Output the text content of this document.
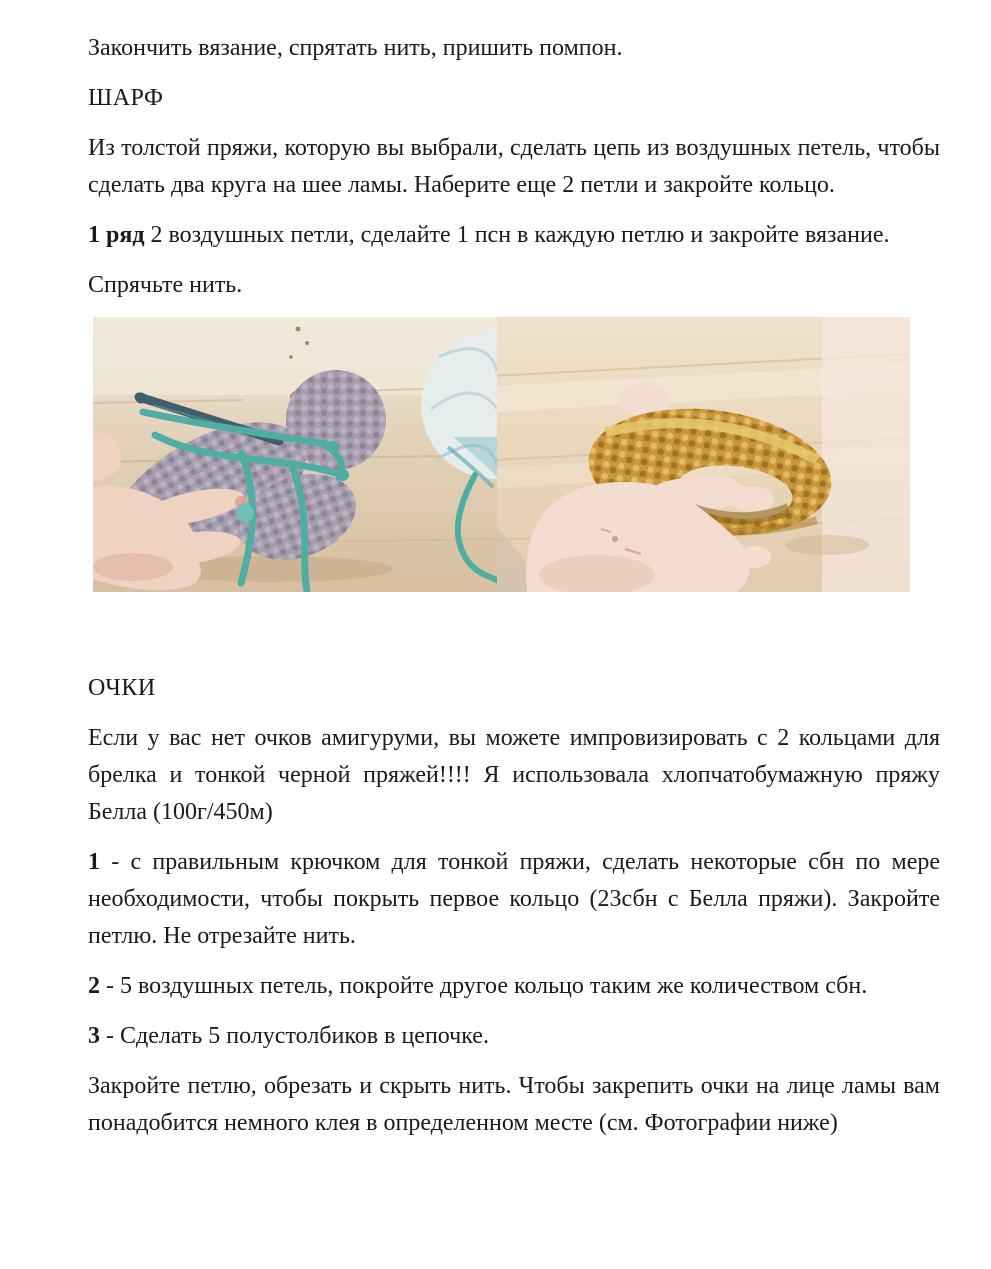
Закончить вязание, спрятать нить, пришить помпон.

ШАРФ

Из толстой пряжи, которую вы выбрали, сделать цепь из воздушных петель, чтобы сделать два круга на шее ламы. Наберите еще 2 петли и закройте кольцо.

1 ряд 2 воздушных петли, сделайте 1 псн в каждую петлю и закройте вязание.

Спрячьте нить.

ОЧКИ

Если у вас нет очков амигуруми, вы можете импровизировать с 2 кольцами для брелка и тонкой черной пряжей!!!! Я использовала хлопчатобумажную пряжу Белла (100г/450м)

1 - с правильным крючком для тонкой пряжи, сделать некоторые сбн по мере необходимости, чтобы покрыть первое кольцо (23сбн с Белла пряжи). Закройте петлю. Не отрезайте нить.

2 - 5 воздушных петель, покройте другое кольцо таким же количеством сбн.

3 - Сделать 5 полустолбиков в цепочке.

Закройте петлю, обрезать и скрыть нить. Чтобы закрепить очки на лице ламы вам понадобится немного клея в определенном месте (см. Фотографии ниже)
